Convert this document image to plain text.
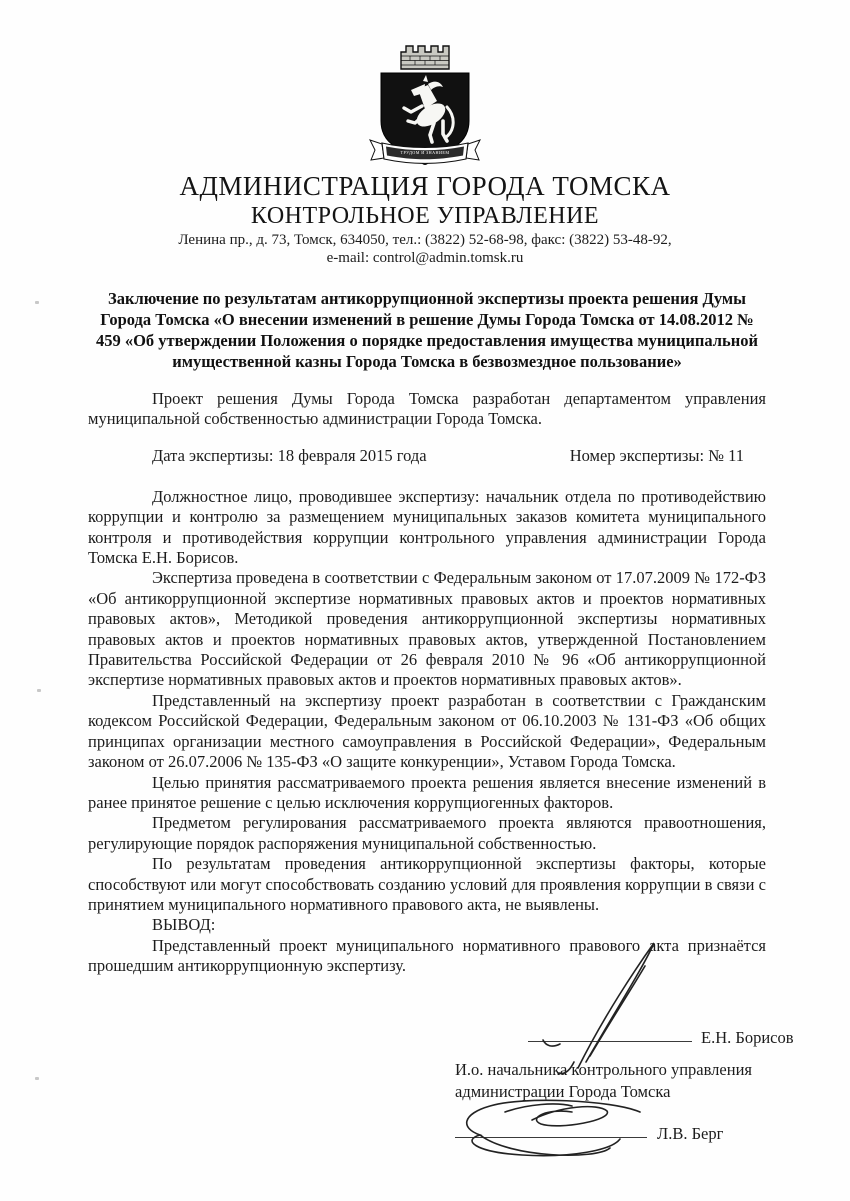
ТРУДОМ И ЗНАНИЕМ
АДМИНИСТРАЦИЯ ГОРОДА ТОМСКА
КОНТРОЛЬНОЕ УПРАВЛЕНИЕ
Ленина пр., д. 73, Томск, 634050, тел.: (3822) 52-68-98, факс: (3822) 53-48-92,
e-mail: control@admin.tomsk.ru
Заключение по результатам антикоррупционной экспертизы проекта решения Думы Города Томска «О внесении изменений в решение Думы Города Томска от 14.08.2012 № 459 «Об утверждении Положения о порядке предоставления имущества муниципальной имущественной казны Города Томска в безвозмездное пользование»

Проект решения Думы Города Томска разработан департаментом управления муниципальной собственностью администрации Города Томска.

Дата экспертизы: 18 февраля 2015 года	Номер экспертизы: № 11

Должностное лицо, проводившее экспертизу: начальник отдела по противодействию коррупции и контролю за размещением муниципальных заказов комитета муниципального контроля и противодействия коррупции контрольного управления администрации Города Томска Е.Н. Борисов.

Экспертиза проведена в соответствии с Федеральным законом от 17.07.2009 № 172-ФЗ «Об антикоррупционной экспертизе нормативных правовых актов и проектов нормативных правовых актов», Методикой проведения антикоррупционной экспертизы нормативных правовых актов и проектов нормативных правовых актов, утвержденной Постановлением Правительства Российской Федерации от 26 февраля 2010 № 96 «Об антикоррупционной экспертизе нормативных правовых актов и проектов нормативных правовых актов».

Представленный на экспертизу проект разработан в соответствии с Гражданским кодексом Российской Федерации, Федеральным законом от 06.10.2003 № 131-ФЗ «Об общих принципах организации местного самоуправления в Российской Федерации», Федеральным законом от 26.07.2006 № 135-ФЗ «О защите конкуренции», Уставом Города Томска.

Целью принятия рассматриваемого проекта решения является внесение изменений в ранее принятое решение с целью исключения коррупциогенных факторов.

Предметом регулирования рассматриваемого проекта являются правоотношения, регулирующие порядок распоряжения муниципальной собственностью.

По результатам проведения антикоррупционной экспертизы факторы, которые способствуют или могут способствовать созданию условий для проявления коррупции в связи с принятием муниципального нормативного правового акта, не выявлены.

ВЫВОД:

Представленный проект муниципального нормативного правового акта признаётся прошедшим антикоррупционную экспертизу.

Е.Н. Борисов
И.о. начальника контрольного управления
администрации Города Томска
Л.В. Берг
